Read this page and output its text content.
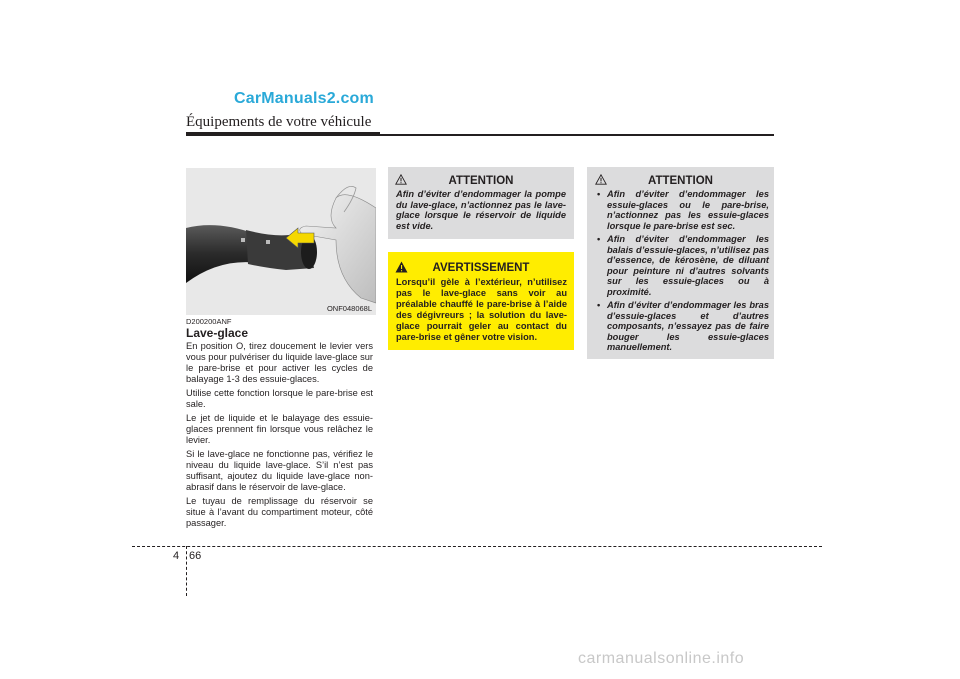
CarManuals2.com
Équipements de votre véhicule
ONF048068L
D200200ANF
Lave-glace

En position O, tirez doucement le levier vers vous pour pulvériser du liquide lave-glace sur le pare-brise et pour activer les cycles de balayage 1-3 des essuie-glaces.

Utilise cette fonction lorsque le pare-brise est sale.

Le jet de liquide et le balayage des essuie-glaces prennent fin lorsque vous relâchez le levier.

Si le lave-glace ne fonctionne pas, vérifiez le niveau du liquide lave-glace. S’il n’est pas suffisant, ajoutez du liquide lave-glace non-abrasif dans le réservoir de lave-glace.

Le tuyau de remplissage du réservoir se situe à l’avant du compartiment moteur, côté passager.

ATTENTION
Afin d’éviter d’endommager la pompe du lave-glace, n’actionnez pas le lave-glace lorsque le réservoir de liquide est vide.
AVERTISSEMENT
Lorsqu’il gèle à l’extérieur, n’utilisez pas le lave-glace sans voir au préalable chauffé le pare-brise à l’aide des dégivreurs ; la solution du lave-glace pourrait geler au contact du pare-brise et gêner votre vision.
ATTENTION
• Afin d’éviter d’endommager les essuie-glaces ou le pare-brise, n’actionnez pas les essuie-glaces lorsque le pare-brise est sec.
• Afin d’éviter d’endommager les balais d’essuie-glaces, n’utilisez pas d’essence, de kérosène, de diluant pour peinture ni d’autres solvants sur les essuie-glaces ou à proximité.
• Afin d’éviter d’endommager les bras d’essuie-glaces et d’autres composants, n’essayez pas de faire bouger les essuie-glaces manuellement.
4 66
carmanualsonline.info
